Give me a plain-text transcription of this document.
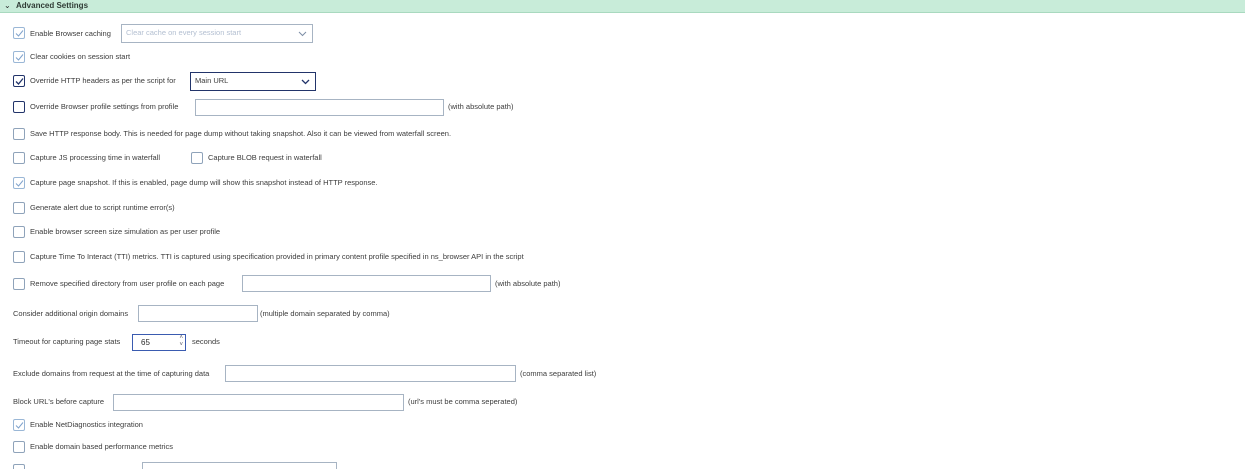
⌄ Advanced Settings
Enable Browser caching Clear cache on every session start
Clear cookies on session start
Override HTTP headers as per the script for	Main URL
Override Browser profile settings from profile	(with absolute path)
Save HTTP response body. This is needed for page dump without taking snapshot. Also it can be viewed from waterfall screen.
Capture JS processing time in waterfall	Capture BLOB request in waterfall
Capture page snapshot. If this is enabled, page dump will show this snapshot instead of HTTP response.
Generate alert due to script runtime error(s)
Enable browser screen size simulation as per user profile
Capture Time To Interact (TTI) metrics. TTI is captured using specification provided in primary content profile specified in ns_browser API in the script
Remove specified directory from user profile on each page	(with absolute path)
Consider additional origin domains	(multiple domain separated by comma)
Timeout for capturing page stats	65	˄
˅ seconds
Exclude domains from request at the time of capturing data	(comma separated list)
Block URL's before capture	(url's must be comma seperated)
Enable NetDiagnostics integration
Enable domain based performance metrics
